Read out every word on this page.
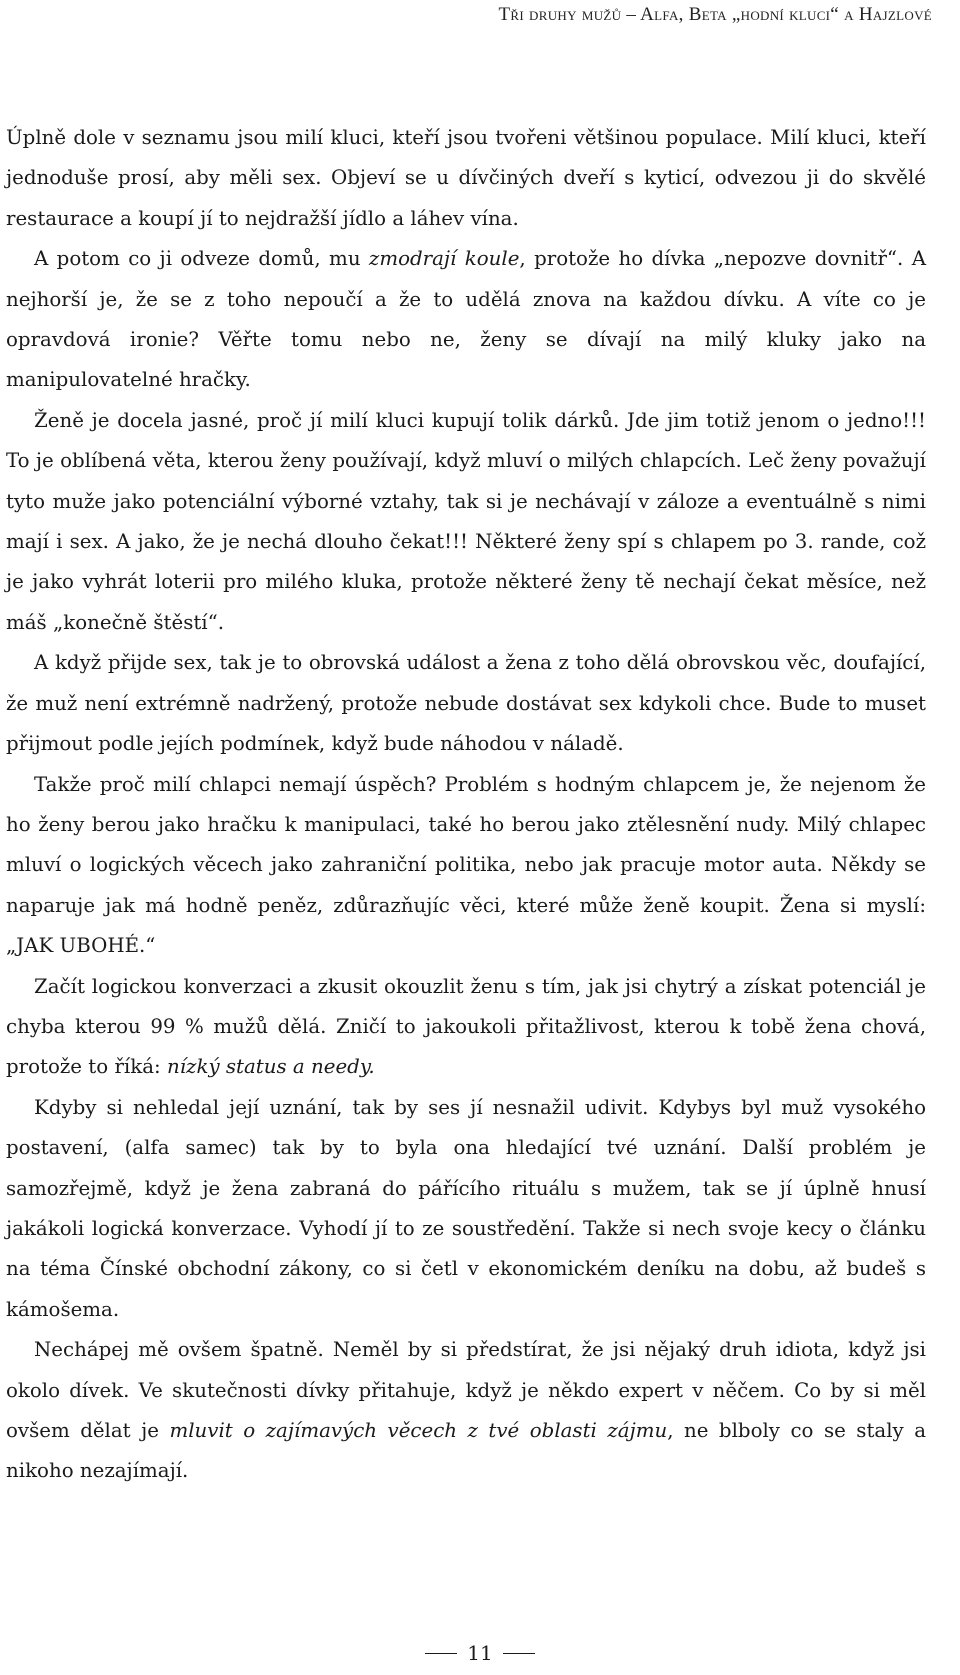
Tři druhy mužů – Alfa, Beta „hodní kluci“ a Hajzlové

Úplně dole v seznamu jsou milí kluci, kteří jsou tvořeni většinou populace. Milí kluci, kteří jednoduše prosí, aby měli sex. Objeví se u dívčiných dveří s kyticí, odvezou ji do skvělé restaurace a koupí jí to nejdražší jídlo a láhev vína.

A potom co ji odveze domů, mu zmodrají koule, protože ho dívka „nepozve dovnitř“. A nejhorší je, že se z toho nepoučí a že to udělá znova na každou dívku. A víte co je opravdová ironie? Věřte tomu nebo ne, ženy se dívají na milý kluky jako na manipulovatelné hračky.

Ženě je docela jasné, proč jí milí kluci kupují tolik dárků. Jde jim totiž jenom o jedno!!! To je oblíbená věta, kterou ženy používají, když mluví o milých chlapcích. Leč ženy považují tyto muže jako potenciální výborné vztahy, tak si je nechávají v záloze a eventuálně s nimi mají i sex. A jako, že je nechá dlouho čekat!!! Některé ženy spí s chlapem po 3. rande, což je jako vyhrát loterii pro milého kluka, protože některé ženy tě nechají čekat měsíce, než máš „konečně štěstí“.

A když přijde sex, tak je to obrovská událost a žena z toho dělá obrovskou věc, doufající, že muž není extrémně nadržený, protože nebude dostávat sex kdykoli chce. Bude to muset přijmout podle jejích podmínek, když bude náhodou v náladě.

Takže proč milí chlapci nemají úspěch? Problém s hodným chlapcem je, že nejenom že ho ženy berou jako hračku k manipulaci, také ho berou jako ztělesnění nudy. Milý chlapec mluví o logických věcech jako zahraniční politika, nebo jak pracuje motor auta. Někdy se naparuje jak má hodně peněz, zdůrazňujíc věci, které může ženě koupit. Žena si myslí: „JAK UBOHÉ.“

Začít logickou konverzaci a zkusit okouzlit ženu s tím, jak jsi chytrý a získat potenciál je chyba kterou 99 % mužů dělá. Zničí to jakoukoli přitažlivost, kterou k tobě žena chová, protože to říká: nízký status a needy.

Kdyby si nehledal její uznání, tak by ses jí nesnažil udivit. Kdybys byl muž vysokého postavení, (alfa samec) tak by to byla ona hledající tvé uznání. Další problém je samozřejmě, když je žena zabraná do pářícího rituálu s mužem, tak se jí úplně hnusí jakákoli logická konverzace. Vyhodí jí to ze soustředění. Takže si nech svoje kecy o článku na téma Čínské obchodní zákony, co si četl v ekonomickém deníku na dobu, až budeš s kámošema.

Nechápej mě ovšem špatně. Neměl by si předstírat, že jsi nějaký druh idiota, když jsi okolo dívek. Ve skutečnosti dívky přitahuje, když je někdo expert v něčem. Co by si měl ovšem dělat je mluvit o zajímavých věcech z tvé oblasti zájmu, ne blboly co se staly a nikoho nezajímají.

11
